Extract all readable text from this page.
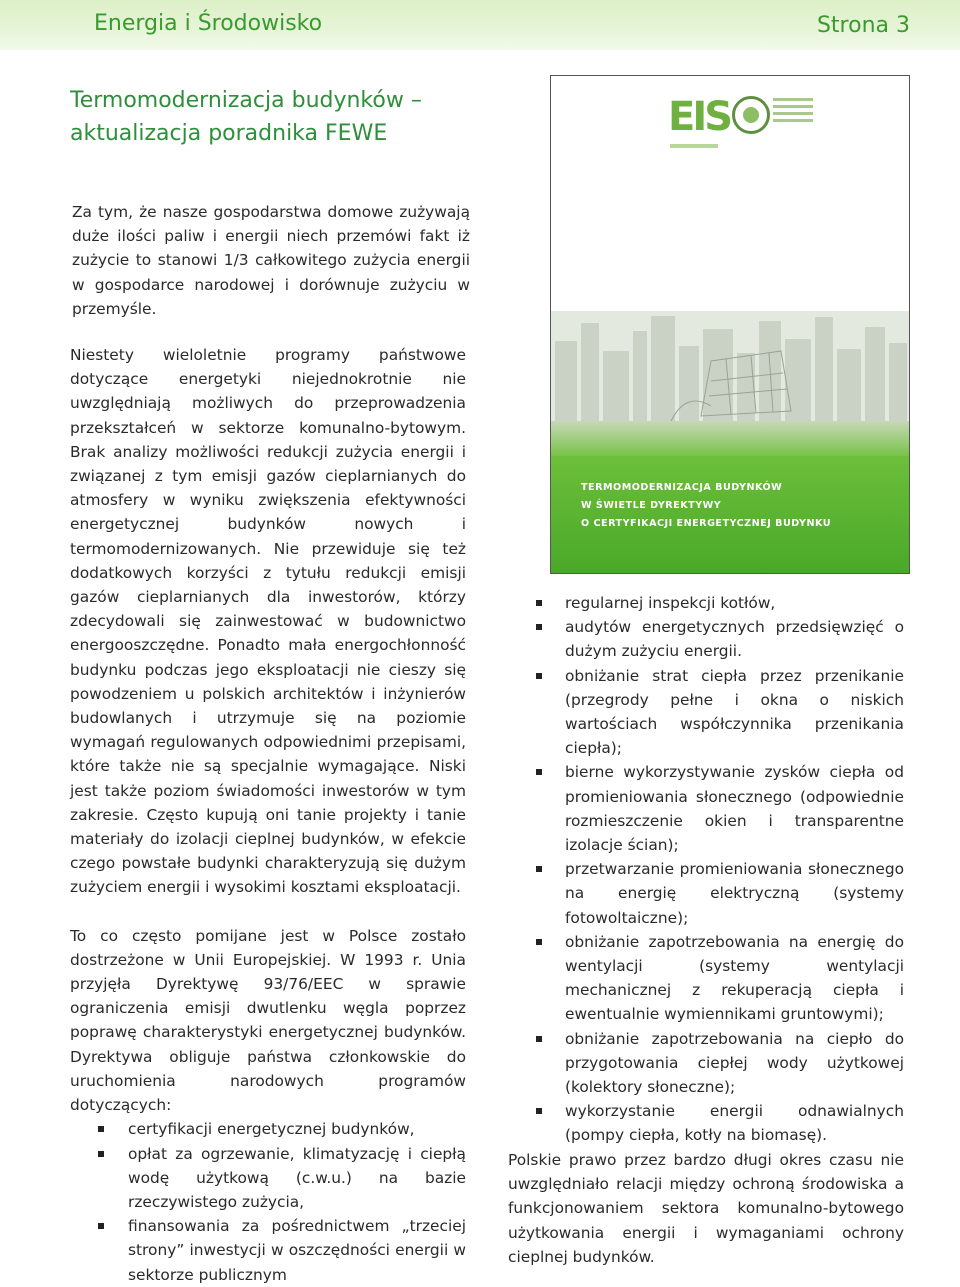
Energia i Środowisko	Strona 3
Termomodernizacja budynków –
aktualizacja poradnika FEWE

Za tym, że nasze gospodarstwa domowe zużywają duże ilości paliw i energii niech przemówi fakt iż zużycie to stanowi 1/3 całkowitego zużycia energii w gospodarce narodowej i dorównuje zużyciu w przemyśle.

Niestety wieloletnie programy państwowe dotyczące energetyki niejednokrotnie nie uwzględniają możliwych do przeprowadzenia przekształceń w sektorze komunalno-bytowym. Brak analizy możliwości redukcji zużycia energii i związanej z tym emisji gazów cieplarnianych do atmosfery w wyniku zwiększenia efektywności energetycznej budynków nowych i termomodernizowanych. Nie przewiduje się też dodatkowych korzyści z tytułu redukcji emisji gazów cieplarnianych dla inwestorów, którzy zdecydowali się zainwestować w budownictwo energooszczędne. Ponadto mała energochłonność budynku podczas jego eksploatacji nie cieszy się powodzeniem u polskich architektów i inżynierów budowlanych i utrzymuje się na poziomie wymagań regulowanych odpowiednimi przepisami, które także nie są specjalnie wymagające. Niski jest także poziom świadomości inwestorów w tym zakresie. Często kupują oni tanie projekty i tanie materiały do izolacji cieplnej budynków, w efekcie czego powstałe budynki charakteryzują się dużym zużyciem energii i wysokimi kosztami eksploatacji.

To co często pomijane jest w Polsce zostało dostrzeżone w Unii Europejskiej. W 1993 r. Unia przyjęła Dyrektywę 93/76/EEC w sprawie ograniczenia emisji dwutlenku węgla poprzez poprawę charakterystyki energetycznej budynków. Dyrektywa obliguje państwa członkowskie do uruchomienia narodowych programów dotyczących:

certyfikacji energetycznej budynków,
opłat za ogrzewanie, klimatyzację i ciepłą wodę użytkową (c.w.u.) na bazie rzeczywistego zużycia,
finansowania za pośrednictwem „trzeciej strony” inwestycji w oszczędności energii w sektorze publicznym
EIS
TERMOMODERNIZACJA BUDYNKÓW
W ŚWIETLE DYREKTYWY
O CERTYFIKACJI ENERGETYCZNEJ BUDYNKU
regularnej inspekcji kotłów,
audytów energetycznych przedsięwzięć o dużym zużyciu energii.
obniżanie strat ciepła przez przenikanie (przegrody pełne i okna o niskich wartościach współczynnika przenikania ciepła);
bierne wykorzystywanie zysków ciepła od promieniowania słonecznego (odpowiednie rozmieszczenie okien i transparentne izolacje ścian);
przetwarzanie promieniowania słonecznego na energię elektryczną (systemy fotowoltaiczne);
obniżanie zapotrzebowania na energię do wentylacji (systemy wentylacji mechanicznej z rekuperacją ciepła i ewentualnie wymiennikami gruntowymi);
obniżanie zapotrzebowania na ciepło do przygotowania ciepłej wody użytkowej (kolektory słoneczne);
wykorzystanie energii odnawialnych (pompy ciepła, kotły na biomasę).

Polskie prawo przez bardzo długi okres czasu nie uwzględniało relacji między ochroną środowiska a funkcjonowaniem sektora komunalno-bytowego użytkowania energii i wymaganiami ochrony cieplnej budynków.
